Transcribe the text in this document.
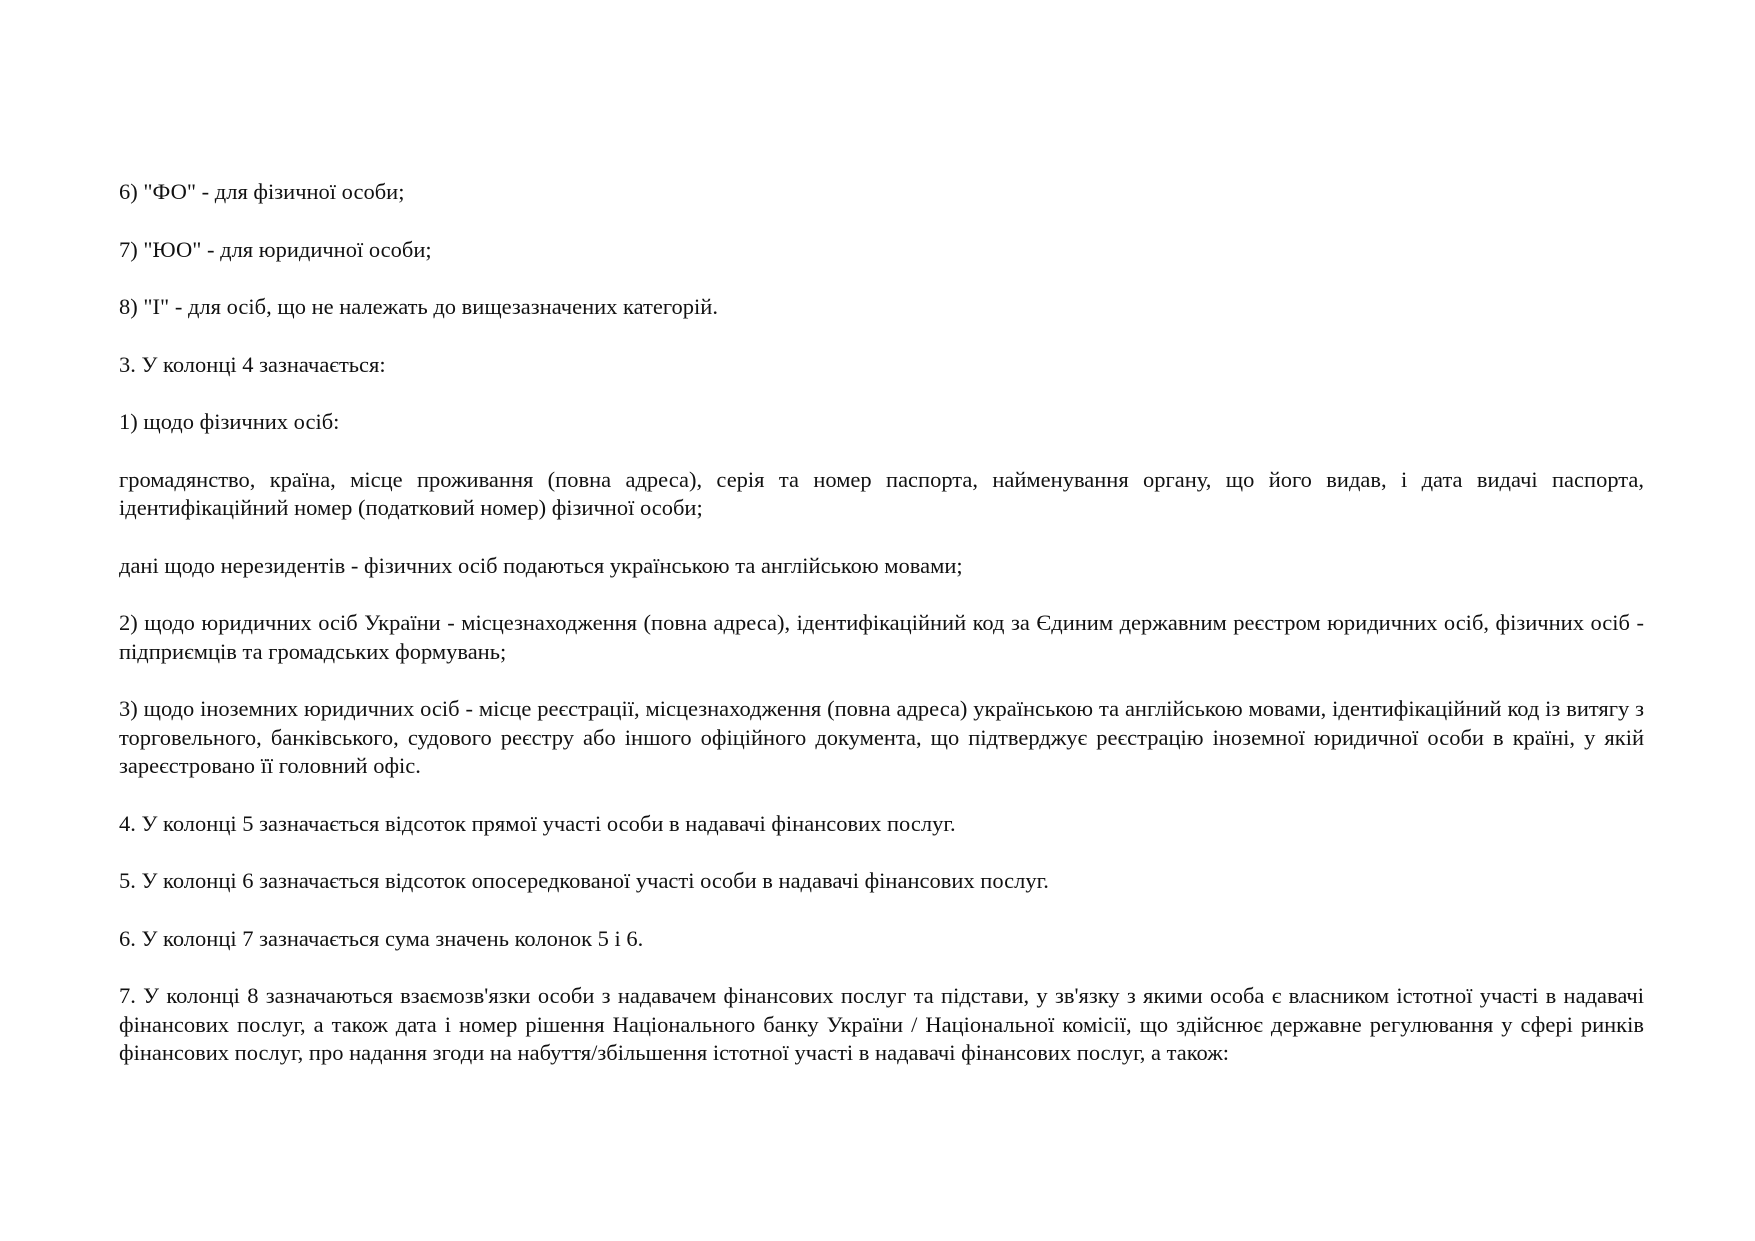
6) "ФО" - для фізичної особи;

7) "ЮО" - для юридичної особи;

8) "І" - для осіб, що не належать до вищезазначених категорій.

3. У колонці 4 зазначається:

1) щодо фізичних осіб:

громадянство, країна, місце проживання (повна адреса), серія та номер паспорта, найменування органу, що його видав, і дата видачі паспорта, ідентифікаційний номер (податковий номер) фізичної особи;

дані щодо нерезидентів - фізичних осіб подаються українською та англійською мовами;

2) щодо юридичних осіб України - місцезнаходження (повна адреса), ідентифікаційний код за Єдиним державним реєстром юридичних осіб, фізичних осіб - підприємців та громадських формувань;

3) щодо іноземних юридичних осіб - місце реєстрації, місцезнаходження (повна адреса) українською та англійською мовами, ідентифікаційний код із витягу з торговельного, банківського, судового реєстру або іншого офіційного документа, що підтверджує реєстрацію іноземної юридичної особи в країні, у якій зареєстровано її головний офіс.

4. У колонці 5 зазначається відсоток прямої участі особи в надавачі фінансових послуг.

5. У колонці 6 зазначається відсоток опосередкованої участі особи в надавачі фінансових послуг.

6. У колонці 7 зазначається сума значень колонок 5 і 6.

7. У колонці 8 зазначаються взаємозв'язки особи з надавачем фінансових послуг та підстави, у зв'язку з якими особа є власником істотної участі в надавачі фінансових послуг, а також дата і номер рішення Національного банку України / Національної комісії, що здійснює державне регулювання у сфері ринків фінансових послуг, про надання згоди на набуття/збільшення істотної участі в надавачі фінансових послуг, а також:
